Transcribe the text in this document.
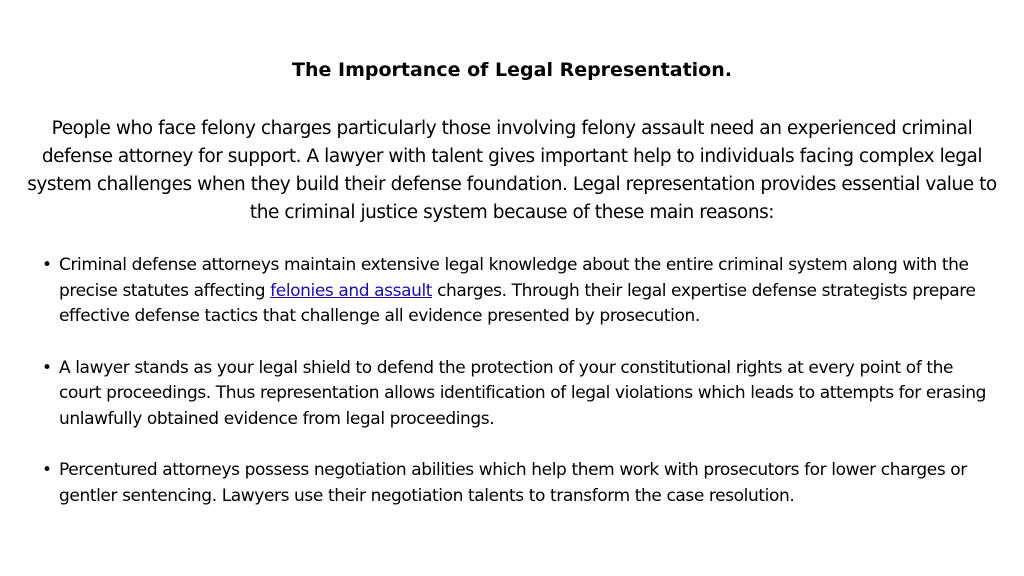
The Importance of Legal Representation.

People who face felony charges particularly those involving felony assault need an experienced criminal defense attorney for support. A lawyer with talent gives important help to individuals facing complex legal system challenges when they build their defense foundation. Legal representation provides essential value to the criminal justice system because of these main reasons:

• Criminal defense attorneys maintain extensive legal knowledge about the entire criminal system along with the precise statutes affecting felonies and assault charges. Through their legal expertise defense strategists prepare effective defense tactics that challenge all evidence presented by prosecution.
• A lawyer stands as your legal shield to defend the protection of your constitutional rights at every point of the court proceedings. Thus representation allows identification of legal violations which leads to attempts for erasing unlawfully obtained evidence from legal proceedings.
• Percentured attorneys possess negotiation abilities which help them work with prosecutors for lower charges or gentler sentencing. Lawyers use their negotiation talents to transform the case resolution.
